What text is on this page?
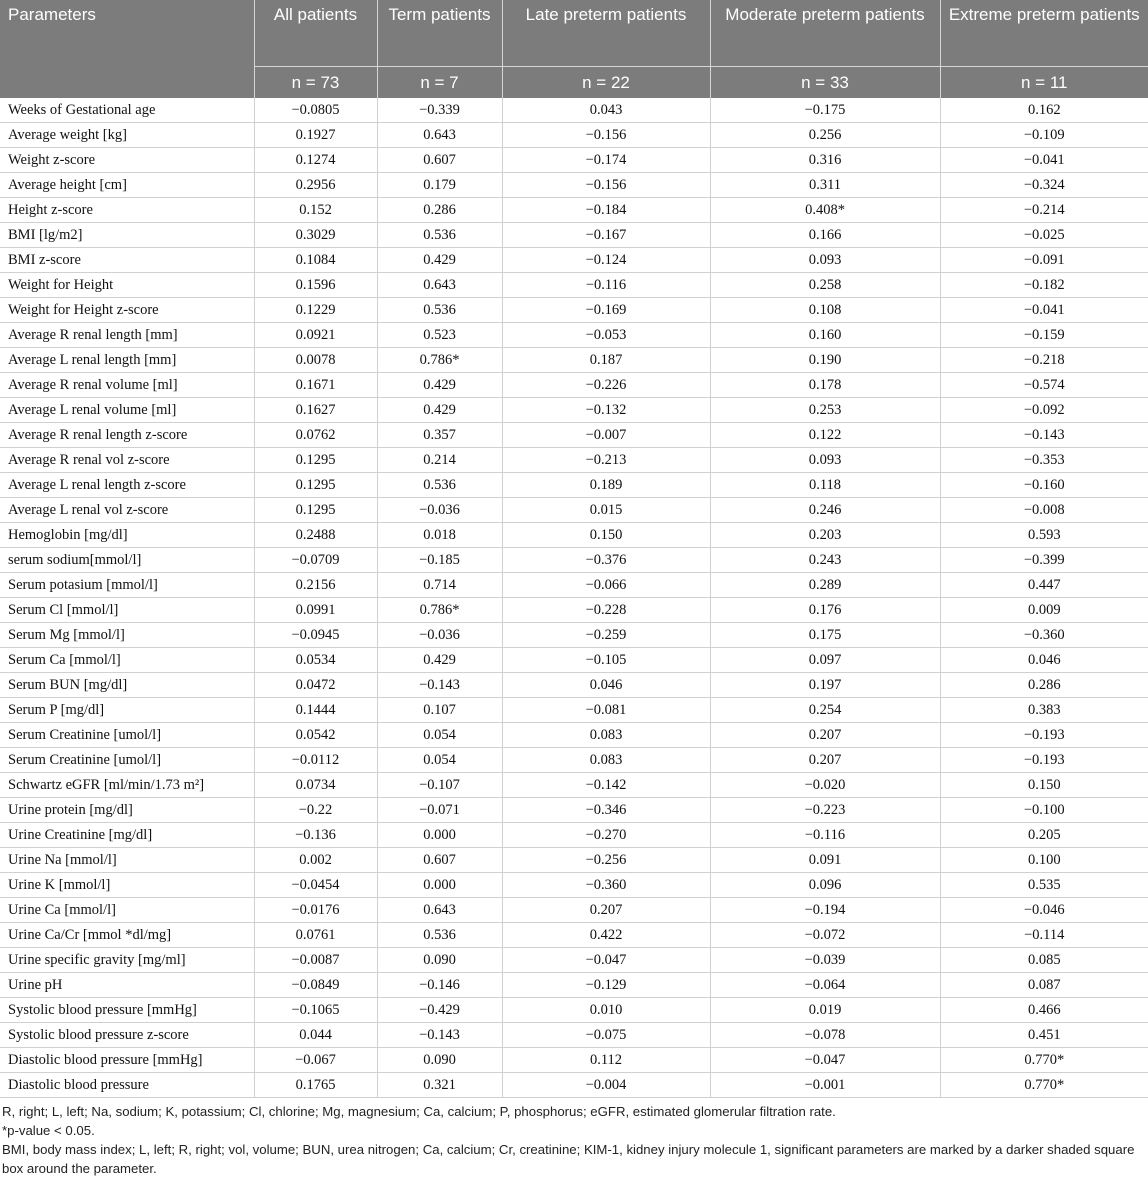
Parameters	All patients	Term patients	Late preterm patients	Moderate preterm patients	Extreme preterm patients
	n = 73	n = 7	n = 22	n = 33	n = 11
Weeks of Gestational age	−0.0805	−0.339	0.043	−0.175	0.162
Average weight [kg]	0.1927	0.643	−0.156	0.256	−0.109
Weight z-score	0.1274	0.607	−0.174	0.316	−0.041
Average height [cm]	0.2956	0.179	−0.156	0.311	−0.324
Height z-score	0.152	0.286	−0.184	0.408*	−0.214
BMI [lg/m2]	0.3029	0.536	−0.167	0.166	−0.025
BMI z-score	0.1084	0.429	−0.124	0.093	−0.091
Weight for Height	0.1596	0.643	−0.116	0.258	−0.182
Weight for Height z-score	0.1229	0.536	−0.169	0.108	−0.041
Average R renal length [mm]	0.0921	0.523	−0.053	0.160	−0.159
Average L renal length [mm]	0.0078	0.786*	0.187	0.190	−0.218
Average R renal volume [ml]	0.1671	0.429	−0.226	0.178	−0.574
Average L renal volume [ml]	0.1627	0.429	−0.132	0.253	−0.092
Average R renal length z-score	0.0762	0.357	−0.007	0.122	−0.143
Average R renal vol z-score	0.1295	0.214	−0.213	0.093	−0.353
Average L renal length z-score	0.1295	0.536	0.189	0.118	−0.160
Average L renal vol z-score	0.1295	−0.036	0.015	0.246	−0.008
Hemoglobin [mg/dl]	0.2488	0.018	0.150	0.203	0.593
serum sodium[mmol/l]	−0.0709	−0.185	−0.376	0.243	−0.399
Serum potasium [mmol/l]	0.2156	0.714	−0.066	0.289	0.447
Serum Cl [mmol/l]	0.0991	0.786*	−0.228	0.176	0.009
Serum Mg [mmol/l]	−0.0945	−0.036	−0.259	0.175	−0.360
Serum Ca [mmol/l]	0.0534	0.429	−0.105	0.097	0.046
Serum BUN [mg/dl]	0.0472	−0.143	0.046	0.197	0.286
Serum P [mg/dl]	0.1444	0.107	−0.081	0.254	0.383
Serum Creatinine [umol/l]	0.0542	0.054	0.083	0.207	−0.193
Serum Creatinine [umol/l]	−0.0112	0.054	0.083	0.207	−0.193
Schwartz eGFR [ml/min/1.73 m²]	0.0734	−0.107	−0.142	−0.020	0.150
Urine protein [mg/dl]	−0.22	−0.071	−0.346	−0.223	−0.100
Urine Creatinine [mg/dl]	−0.136	0.000	−0.270	−0.116	0.205
Urine Na [mmol/l]	0.002	0.607	−0.256	0.091	0.100
Urine K [mmol/l]	−0.0454	0.000	−0.360	0.096	0.535
Urine Ca [mmol/l]	−0.0176	0.643	0.207	−0.194	−0.046
Urine Ca/Cr [mmol *dl/mg]	0.0761	0.536	0.422	−0.072	−0.114
Urine specific gravity [mg/ml]	−0.0087	0.090	−0.047	−0.039	0.085
Urine pH	−0.0849	−0.146	−0.129	−0.064	0.087
Systolic blood pressure [mmHg]	−0.1065	−0.429	0.010	0.019	0.466
Systolic blood pressure z-score	0.044	−0.143	−0.075	−0.078	0.451
Diastolic blood pressure [mmHg]	−0.067	0.090	0.112	−0.047	0.770*
Diastolic blood pressure	0.1765	0.321	−0.004	−0.001	0.770*
R, right; L, left; Na, sodium; K, potassium; Cl, chlorine; Mg, magnesium; Ca, calcium; P, phosphorus; eGFR, estimated glomerular filtration rate.
*p-value < 0.05.
BMI, body mass index; L, left; R, right; vol, volume; BUN, urea nitrogen; Ca, calcium; Cr, creatinine; KIM-1, kidney injury molecule 1, significant parameters are marked by a darker shaded square box around the parameter.
